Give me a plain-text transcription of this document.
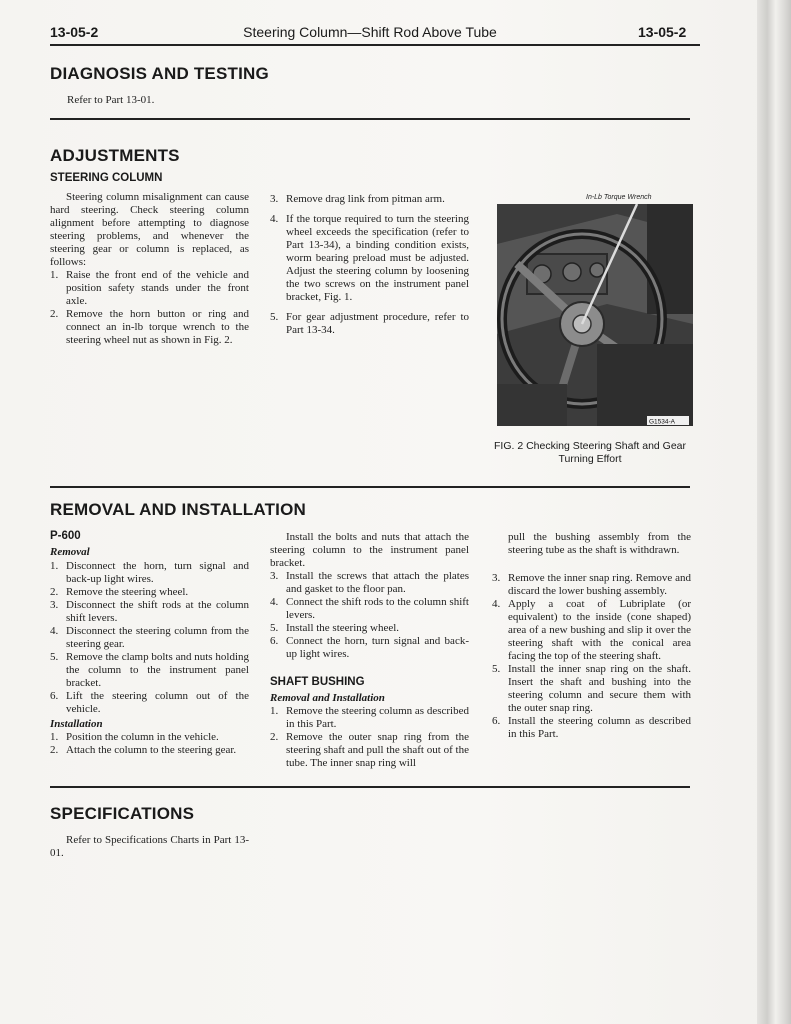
13-05-2	Steering Column—Shift Rod Above Tube	13-05-2
DIAGNOSIS AND TESTING

Refer to Part 13-01.

ADJUSTMENTS
STEERING COLUMN

Steering column misalignment can cause hard steering. Check steering column alignment before attempting to diagnose steering problems, and whenever the steering gear or column is replaced, as follows:

1. Raise the front end of the vehicle and position safety stands under the front axle.
2. Remove the horn button or ring and connect an in-lb torque wrench to the steering wheel nut as shown in Fig. 2.
3. Remove drag link from pitman arm.
4. If the torque required to turn the steering wheel exceeds the specification (refer to Part 13-34), a binding condition exists, worm bearing preload must be adjusted. Adjust the steering column by loosening the two screws on the instrument panel bracket, Fig. 1.
5. For gear adjustment procedure, refer to Part 13-34.
In-Lb Torque Wrench
G1534-A

FIG. 2 Checking Steering Shaft and Gear Turning Effort

REMOVAL AND INSTALLATION
P-600
Removal
1. Disconnect the horn, turn signal and back-up light wires.
2. Remove the steering wheel.
3. Disconnect the shift rods at the column shift levers.
4. Disconnect the steering column from the steering gear.
5. Remove the clamp bolts and nuts holding the column to the instrument panel bracket.
6. Lift the steering column out of the vehicle.
Installation
1. Position the column in the vehicle.
2. Attach the column to the steering gear.

Install the bolts and nuts that attach the steering column to the instrument panel bracket.

3. Install the screws that attach the plates and gasket to the floor pan.
4. Connect the shift rods to the column shift levers.
5. Install the steering wheel.
6. Connect the horn, turn signal and back-up light wires.
SHAFT BUSHING
Removal and Installation
1. Remove the steering column as described in this Part.
2. Remove the outer snap ring from the steering shaft and pull the shaft out of the tube. The inner snap ring will

pull the bushing assembly from the steering tube as the shaft is withdrawn.

3. Remove the inner snap ring. Remove and discard the lower bushing assembly.
4. Apply a coat of Lubriplate (or equivalent) to the inside (cone shaped) area of a new bushing and slip it over the steering shaft with the conical area facing the top of the steering shaft.
5. Install the inner snap ring on the shaft. Insert the shaft and bushing into the steering column and secure them with the outer snap ring.
6. Install the steering column as described in this Part.
SPECIFICATIONS

Refer to Specifications Charts in Part 13-01.
